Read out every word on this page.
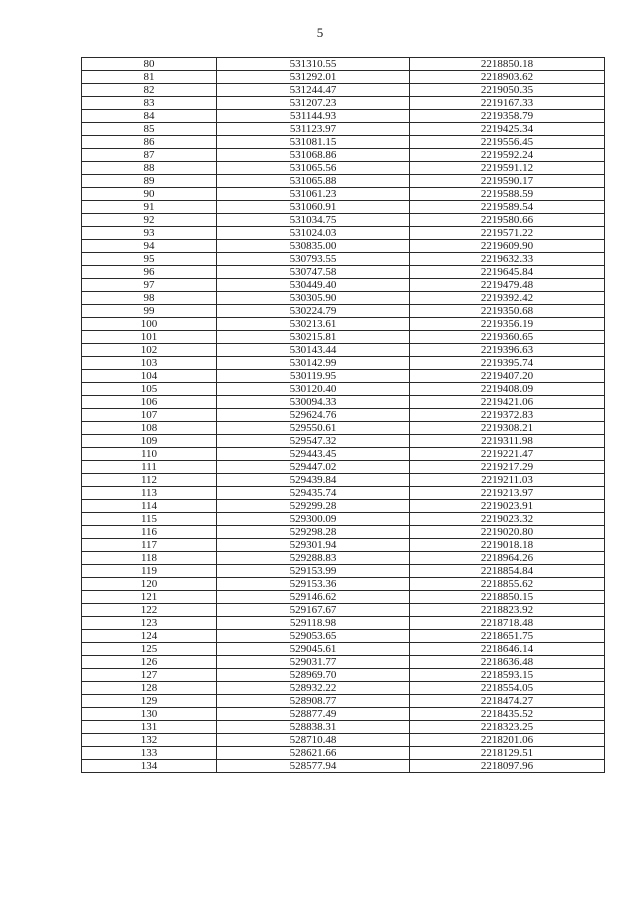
5
80	531310.55	2218850.18
81	531292.01	2218903.62
82	531244.47	2219050.35
83	531207.23	2219167.33
84	531144.93	2219358.79
85	531123.97	2219425.34
86	531081.15	2219556.45
87	531068.86	2219592.24
88	531065.56	2219591.12
89	531065.88	2219590.17
90	531061.23	2219588.59
91	531060.91	2219589.54
92	531034.75	2219580.66
93	531024.03	2219571.22
94	530835.00	2219609.90
95	530793.55	2219632.33
96	530747.58	2219645.84
97	530449.40	2219479.48
98	530305.90	2219392.42
99	530224.79	2219350.68
100	530213.61	2219356.19
101	530215.81	2219360.65
102	530143.44	2219396.63
103	530142.99	2219395.74
104	530119.95	2219407.20
105	530120.40	2219408.09
106	530094.33	2219421.06
107	529624.76	2219372.83
108	529550.61	2219308.21
109	529547.32	2219311.98
110	529443.45	2219221.47
111	529447.02	2219217.29
112	529439.84	2219211.03
113	529435.74	2219213.97
114	529299.28	2219023.91
115	529300.09	2219023.32
116	529298.28	2219020.80
117	529301.94	2219018.18
118	529288.83	2218964.26
119	529153.99	2218854.84
120	529153.36	2218855.62
121	529146.62	2218850.15
122	529167.67	2218823.92
123	529118.98	2218718.48
124	529053.65	2218651.75
125	529045.61	2218646.14
126	529031.77	2218636.48
127	528969.70	2218593.15
128	528932.22	2218554.05
129	528908.77	2218474.27
130	528877.49	2218435.52
131	528838.31	2218323.25
132	528710.48	2218201.06
133	528621.66	2218129.51
134	528577.94	2218097.96
